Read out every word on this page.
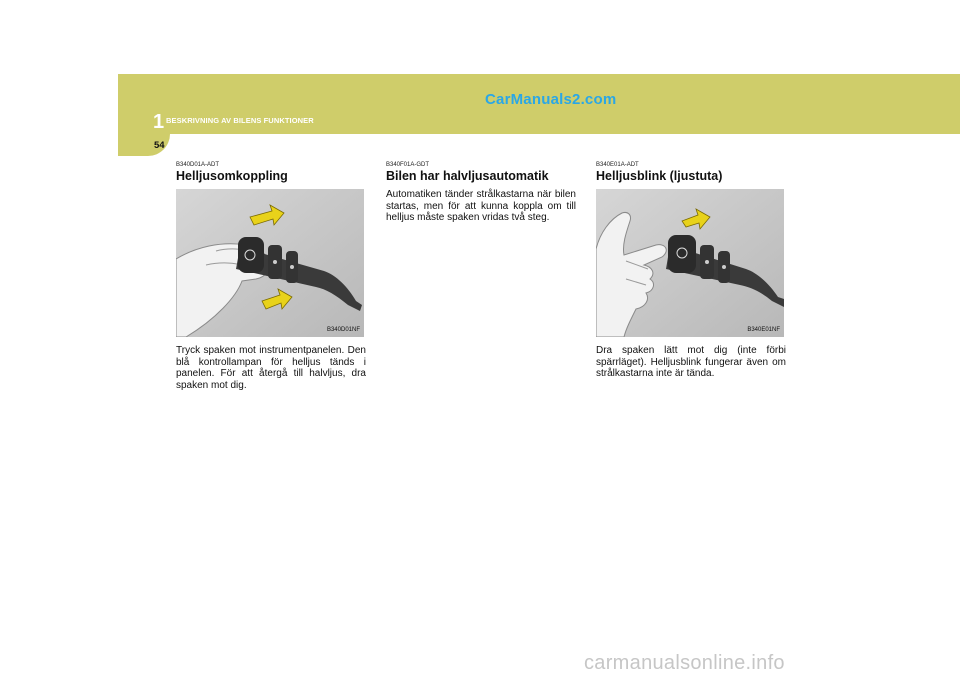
CarManuals2.com
1 BESKRIVNING AV BILENS FUNKTIONER
54
B340D01A-ADT
Helljusomkoppling
B340D01NF

Tryck spaken mot instrumentpanelen. Den blå kontrollampan för helljus tänds i panelen. För att återgå till halvljus, dra spaken mot dig.

B340F01A-GDT
Bilen har halvljusautomatik

Automatiken tänder strålkastarna när bilen startas, men för att kunna koppla om till helljus måste spaken vridas två steg.

B340E01A-ADT
Helljusblink (ljustuta)
B340E01NF

Dra spaken lätt mot dig (inte förbi spärrläget). Helljusblink fungerar även om strålkastarna inte är tända.

carmanualsonline.info
